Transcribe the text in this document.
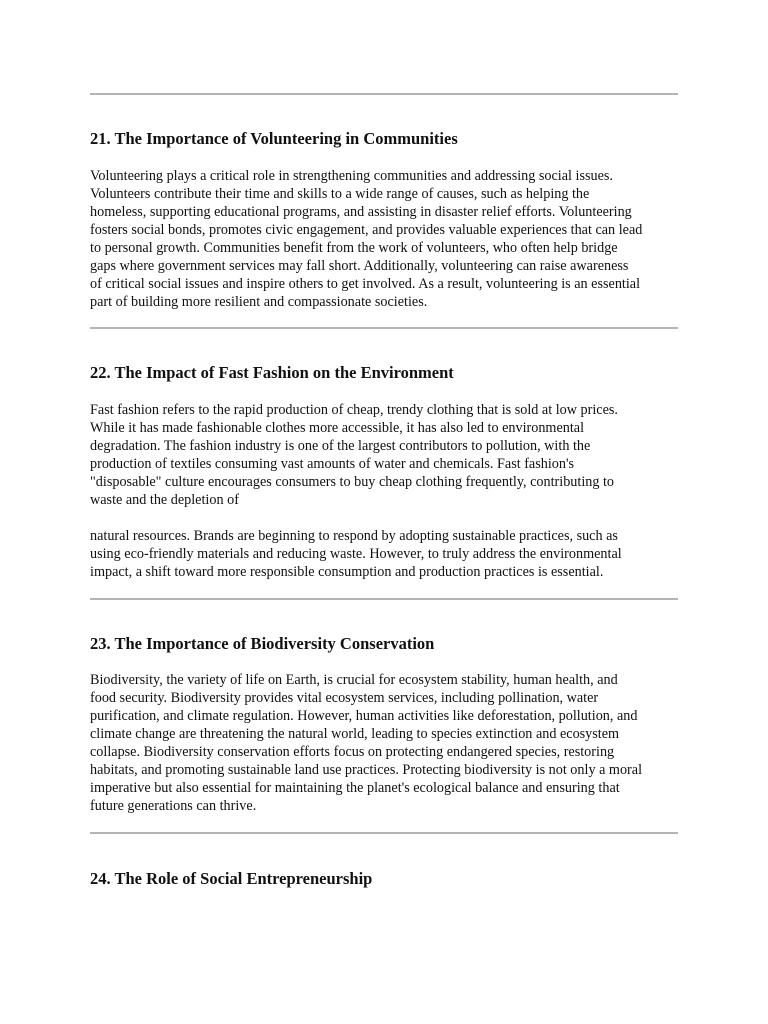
21. The Importance of Volunteering in Communities

Volunteering plays a critical role in strengthening communities and addressing social issues.
Volunteers contribute their time and skills to a wide range of causes, such as helping the
homeless, supporting educational programs, and assisting in disaster relief efforts. Volunteering
fosters social bonds, promotes civic engagement, and provides valuable experiences that can lead
to personal growth. Communities benefit from the work of volunteers, who often help bridge
gaps where government services may fall short. Additionally, volunteering can raise awareness
of critical social issues and inspire others to get involved. As a result, volunteering is an essential
part of building more resilient and compassionate societies.

22. The Impact of Fast Fashion on the Environment

Fast fashion refers to the rapid production of cheap, trendy clothing that is sold at low prices.
While it has made fashionable clothes more accessible, it has also led to environmental
degradation. The fashion industry is one of the largest contributors to pollution, with the
production of textiles consuming vast amounts of water and chemicals. Fast fashion's
"disposable" culture encourages consumers to buy cheap clothing frequently, contributing to
waste and the depletion of

natural resources. Brands are beginning to respond by adopting sustainable practices, such as
using eco-friendly materials and reducing waste. However, to truly address the environmental
impact, a shift toward more responsible consumption and production practices is essential.

23. The Importance of Biodiversity Conservation

Biodiversity, the variety of life on Earth, is crucial for ecosystem stability, human health, and
food security. Biodiversity provides vital ecosystem services, including pollination, water
purification, and climate regulation. However, human activities like deforestation, pollution, and
climate change are threatening the natural world, leading to species extinction and ecosystem
collapse. Biodiversity conservation efforts focus on protecting endangered species, restoring
habitats, and promoting sustainable land use practices. Protecting biodiversity is not only a moral
imperative but also essential for maintaining the planet's ecological balance and ensuring that
future generations can thrive.

24. The Role of Social Entrepreneurship
